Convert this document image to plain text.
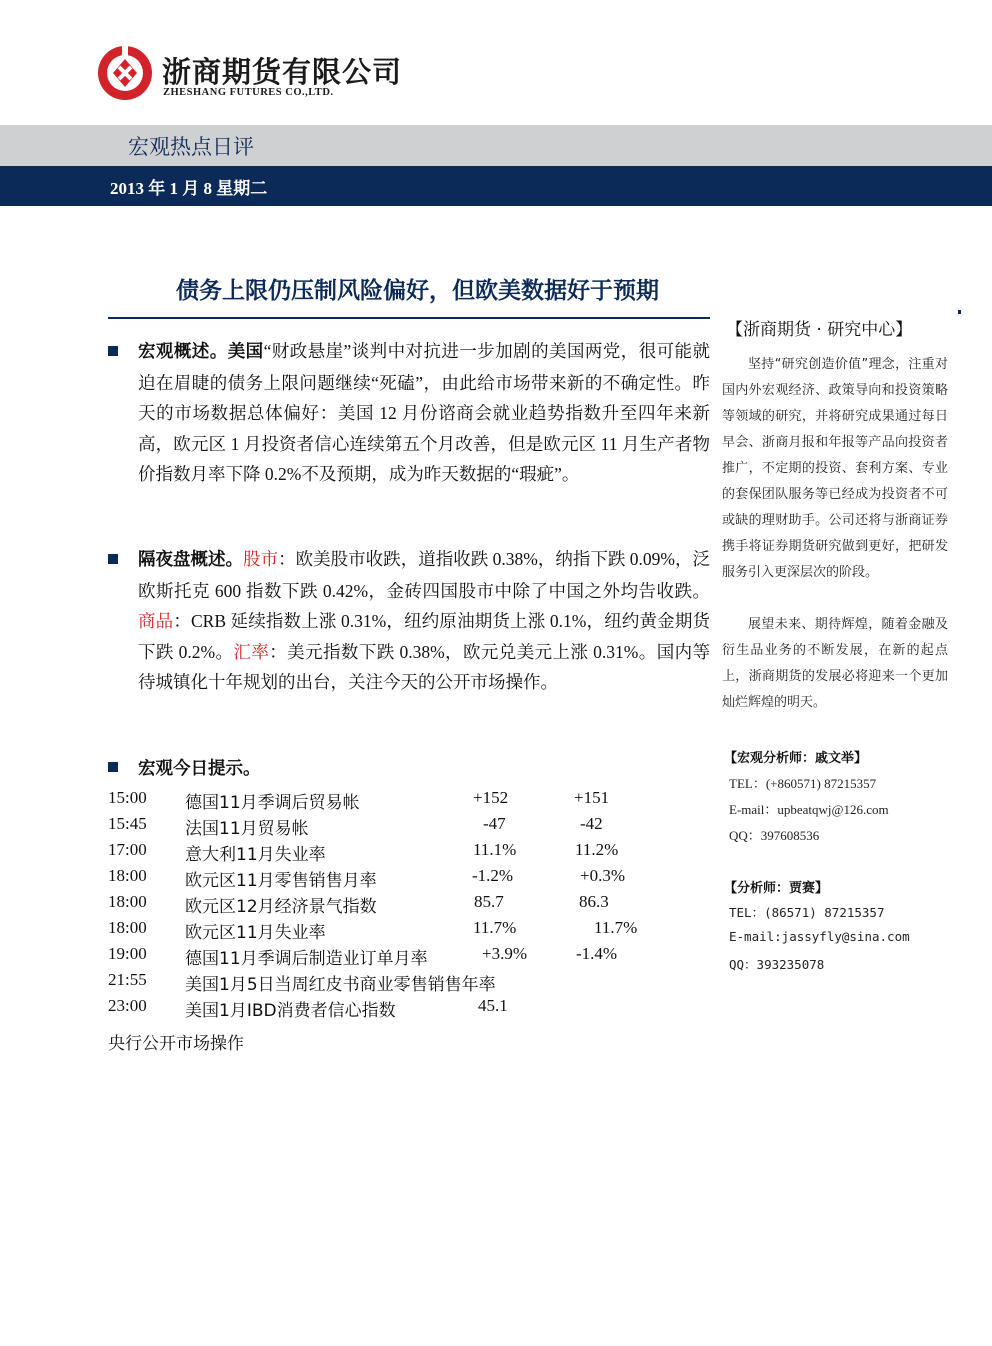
浙商期货有限公司
ZHESHANG FUTURES CO.,LTD.
宏观热点日评
2013 年 1 月 8 星期二
债务上限仍压制风险偏好，但欧美数据好于预期
宏观概述。美国“财政悬崖”谈判中对抗进一步加剧的美国两党，很可能就迫在眉睫的债务上限问题继续“死磕”，由此给市场带来新的不确定性。昨天的市场数据总体偏好：美国 12 月份谘商会就业趋势指数升至四年来新高，欧元区 1 月投资者信心连续第五个月改善，但是欧元区 11 月生产者物价指数月率下降 0.2%不及预期，成为昨天数据的“瑕疵”。
隔夜盘概述。股市：欧美股市收跌，道指收跌 0.38%，纳指下跌 0.09%，泛欧斯托克 600 指数下跌 0.42%，金砖四国股市中除了中国之外均告收跌。商品：CRB 延续指数上涨 0.31%，纽约原油期货上涨 0.1%，纽约黄金期货下跌 0.2%。汇率：美元指数下跌 0.38%，欧元兑美元上涨 0.31%。国内等待城镇化十年规划的出台，关注今天的公开市场操作。
宏观今日提示。
15:00 德国11月季调后贸易帐	+152	+151
15:45 法国11月贸易帐	-47	-42
17:00 意大利11月失业率	11.1%	11.2%
18:00 欧元区11月零售销售月率	-1.2%	+0.3%
18:00 欧元区12月经济景气指数	85.7	86.3
18:00 欧元区11月失业率	11.7%	11.7%
19:00 德国11月季调后制造业订单月率	+3.9%	-1.4%
21:55 美国1月5日当周红皮书商业零售销售年率
23:00 美国1月IBD消费者信心指数	45.1
央行公开市场操作
【浙商期货 · 研究中心】
坚持“研究创造价值”理念，注重对国内外宏观经济、政策导向和投资策略等领域的研究，并将研究成果通过每日早会、浙商月报和年报等产品向投资者推广，不定期的投资、套利方案、专业的套保团队服务等已经成为投资者不可或缺的理财助手。公司还将与浙商证券携手将证券期货研究做到更好，把研发服务引入更深层次的阶段。
展望未来、期待辉煌，随着金融及衍生品业务的不断发展，在新的起点上，浙商期货的发展必将迎来一个更加灿烂辉煌的明天。
【宏观分析师：戚文举】
TEL：(+860571) 87215357
E-mail：upbeatqwj@126.com
QQ：397608536
【分析师：贾赛】
TEL：(86571) 87215357
E-mail:jassyfly@sina.com
QQ：393235078
